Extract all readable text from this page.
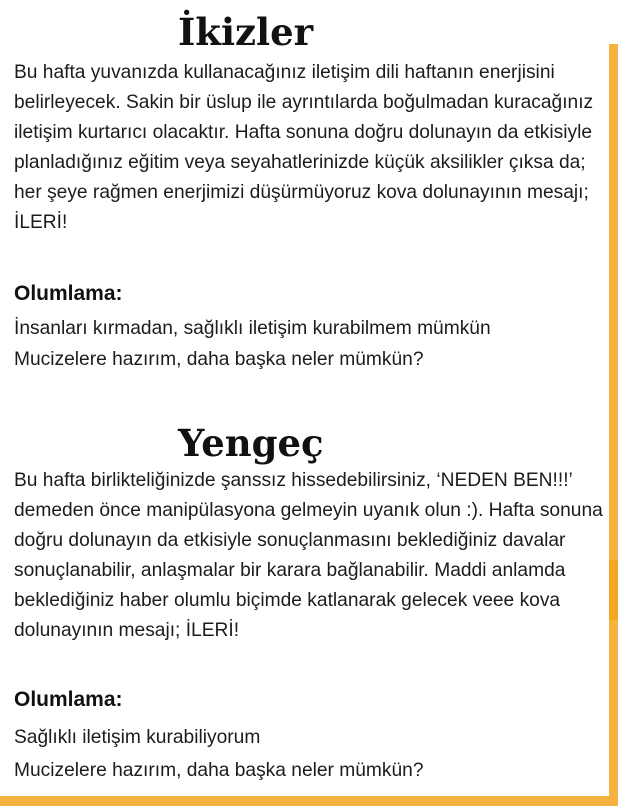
İkizler

Bu hafta yuvanızda kullanacağınız iletişim dili haftanın enerjisini belirleyecek. Sakin bir üslup ile ayrıntılarda boğulmadan kuracağınız iletişim kurtarıcı olacaktır. Hafta sonuna doğru dolunayın da etkisiyle planladığınız eğitim veya seyahatlerinizde küçük aksilikler çıksa da; her şeye rağmen enerjimizi düşürmüyoruz kova dolunayının mesajı; İLERİ!

Olumlama:

İnsanları kırmadan, sağlıklı iletişim kurabilmem mümkün

Mucizelere hazırım, daha başka neler mümkün?

Yengeç

Bu hafta birlikteliğinizde şanssız hissedebilirsiniz, ‘NEDEN BEN!!!’ demeden önce manipülasyona gelmeyin uyanık olun :). Hafta sonuna doğru dolunayın da etkisiyle sonuçlanmasını beklediğiniz davalar sonuçlanabilir, anlaşmalar bir karara bağlanabilir. Maddi anlamda beklediğiniz haber olumlu biçimde katlanarak gelecek veee kova dolunayının mesajı; İLERİ!

Olumlama:

Sağlıklı iletişim kurabiliyorum

Mucizelere hazırım, daha başka neler mümkün?
